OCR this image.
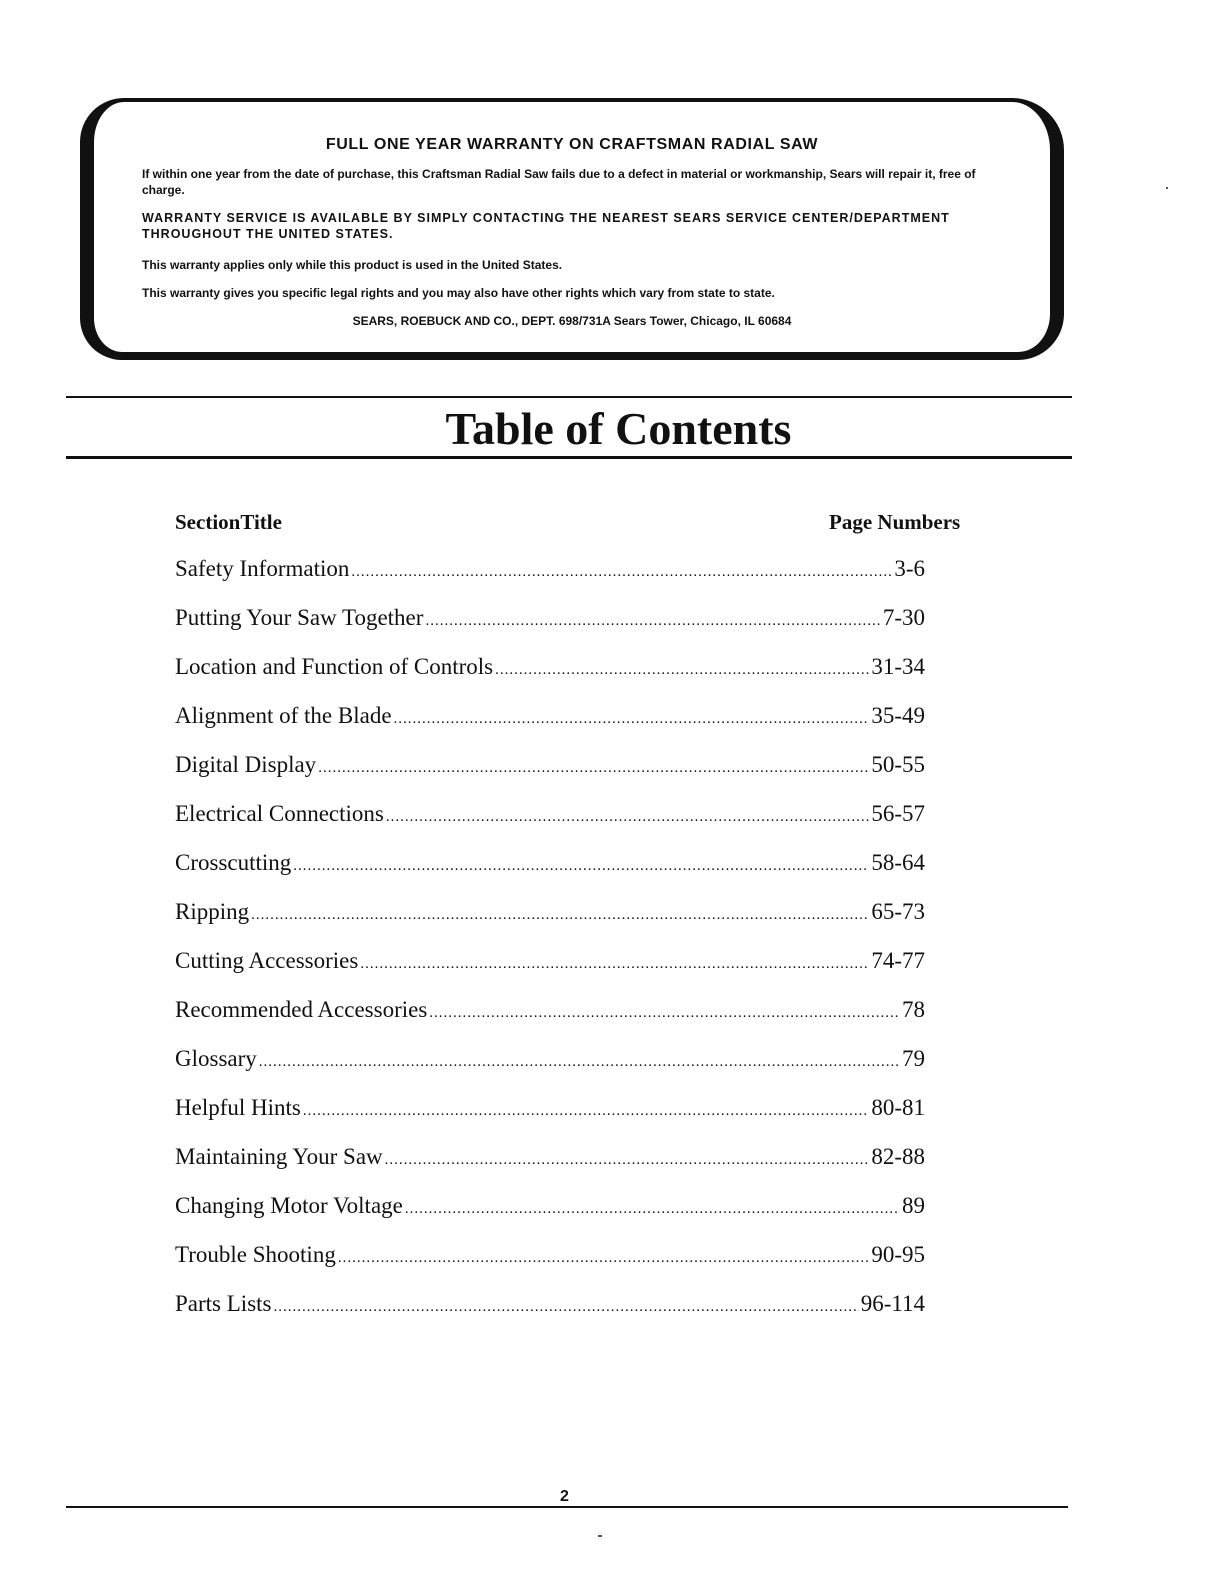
FULL ONE YEAR WARRANTY ON CRAFTSMAN RADIAL SAW
If within one year from the date of purchase, this Craftsman Radial Saw fails due to a defect in material or workmanship, Sears will repair it, free of charge.
WARRANTY SERVICE IS AVAILABLE BY SIMPLY CONTACTING THE NEAREST SEARS SERVICE CENTER/DEPARTMENT THROUGHOUT THE UNITED STATES.
This warranty applies only while this product is used in the United States.
This warranty gives you specific legal rights and you may also have other rights which vary from state to state.
SEARS, ROEBUCK AND CO., DEPT. 698/731A Sears Tower, Chicago, IL 60684
Table of Contents
SectionTitle	Page Numbers
Safety Information .....	3-6
Putting Your Saw Together .....	7-30
Location and Function of Controls .....	31-34
Alignment of the Blade .....	35-49
Digital Display .....	50-55
Electrical Connections .....	56-57
Crosscutting .....	58-64
Ripping .....	65-73
Cutting Accessories .....	74-77
Recommended Accessories .....	78
Glossary .....	79
Helpful Hints .....	80-81
Maintaining Your Saw .....	82-88
Changing Motor Voltage .....	89
Trouble Shooting .....	90-95
Parts Lists .....	96-114
2
